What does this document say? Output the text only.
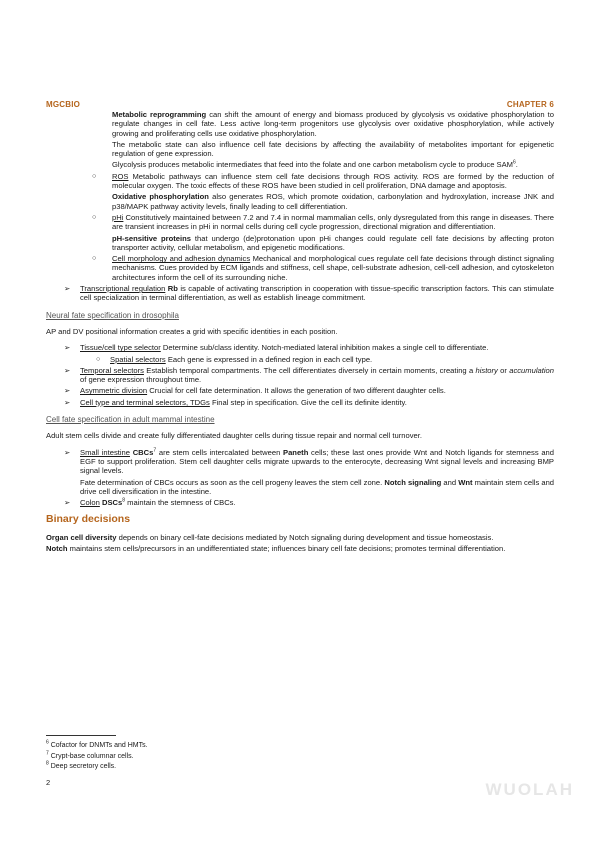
MGCBIO	CHAPTER 6
Metabolic reprogramming can shift the amount of energy and biomass produced by glycolysis vs oxidative phosphorylation to regulate changes in cell fate. Less active long-term progenitors use glycolysis over oxidative phosphorylation, while actively growing and proliferating cells use oxidative phosphorylation.
The metabolic state can also influence cell fate decisions by affecting the availability of metabolites important for epigenetic regulation of gene expression.
Glycolysis produces metabolic intermediates that feed into the folate and one carbon metabolism cycle to produce SAM$^6$.
○ ROS Metabolic pathways can influence stem cell fate decisions through ROS activity. ROS are formed by the reduction of molecular oxygen. The toxic effects of these ROS have been studied in cell proliferation, DNA damage and apoptosis.
Oxidative phosphorylation also generates ROS, which promote oxidation, carbonylation and hydroxylation, increase JNK and p38/MAPK pathway activity levels, finally leading to cell differentiation.
○ pHi Constitutively maintained between 7.2 and 7.4 in normal mammalian cells, only dysregulated from this range in diseases. There are transient increases in pHi in normal cells during cell cycle progression, directional migration and differentiation.
pH-sensitive proteins that undergo (de)protonation upon pHi changes could regulate cell fate decisions by affecting proton transporter activity, cellular metabolism, and epigenetic modifications.
○ Cell morphology and adhesion dynamics Mechanical and morphological cues regulate cell fate decisions through distinct signaling mechanisms. Cues provided by ECM ligands and stiffness, cell shape, cell-substrate adhesion, cell-cell adhesion, and cytoskeleton architectures inform the cell of its surrounding niche.
➢ Transcriptional regulation Rb is capable of activating transcription in cooperation with tissue-specific transcription factors. This can stimulate cell specialization in terminal differentiation, as well as establish lineage commitment.
Neural fate specification in drosophila
AP and DV positional information creates a grid with specific identities in each position.
➢ Tissue/cell type selector Determine sub/class identity. Notch-mediated lateral inhibition makes a single cell to differentiate.
○ Spatial selectors Each gene is expressed in a defined region in each cell type.
➢ Temporal selectors Establish temporal compartments. The cell differentiates diversely in certain moments, creating a history or accumulation of gene expression throughout time.
➢ Asymmetric division Crucial for cell fate determination. It allows the generation of two different daughter cells.
➢ Cell type and terminal selectors, TDGs Final step in specification. Give the cell its definite identity.
Cell fate specification in adult mammal intestine
Adult stem cells divide and create fully differentiated daughter cells during tissue repair and normal cell turnover.
➢ Small intestine CBCs$^7$ are stem cells intercalated between Paneth cells; these last ones provide Wnt and Notch ligands for stemness and EGF to support proliferation. Stem cell daughter cells migrate upwards to the enterocyte, decreasing Wnt signal levels and increasing BMP signal levels.
Fate determination of CBCs occurs as soon as the cell progeny leaves the stem cell zone. Notch signaling and Wnt maintain stem cells and drive cell diversification in the intestine.
➢ Colon DSCs$^8$ maintain the stemness of CBCs.
Binary decisions
Organ cell diversity depends on binary cell-fate decisions mediated by Notch signaling during development and tissue homeostasis.
Notch maintains stem cells/precursors in an undifferentiated state; influences binary cell fate decisions; promotes terminal differentiation.
$^6$ Cofactor for DNMTs and HMTs.
$^7$ Crypt-base columnar cells.
$^8$ Deep secretory cells.
2	WUOLAH
